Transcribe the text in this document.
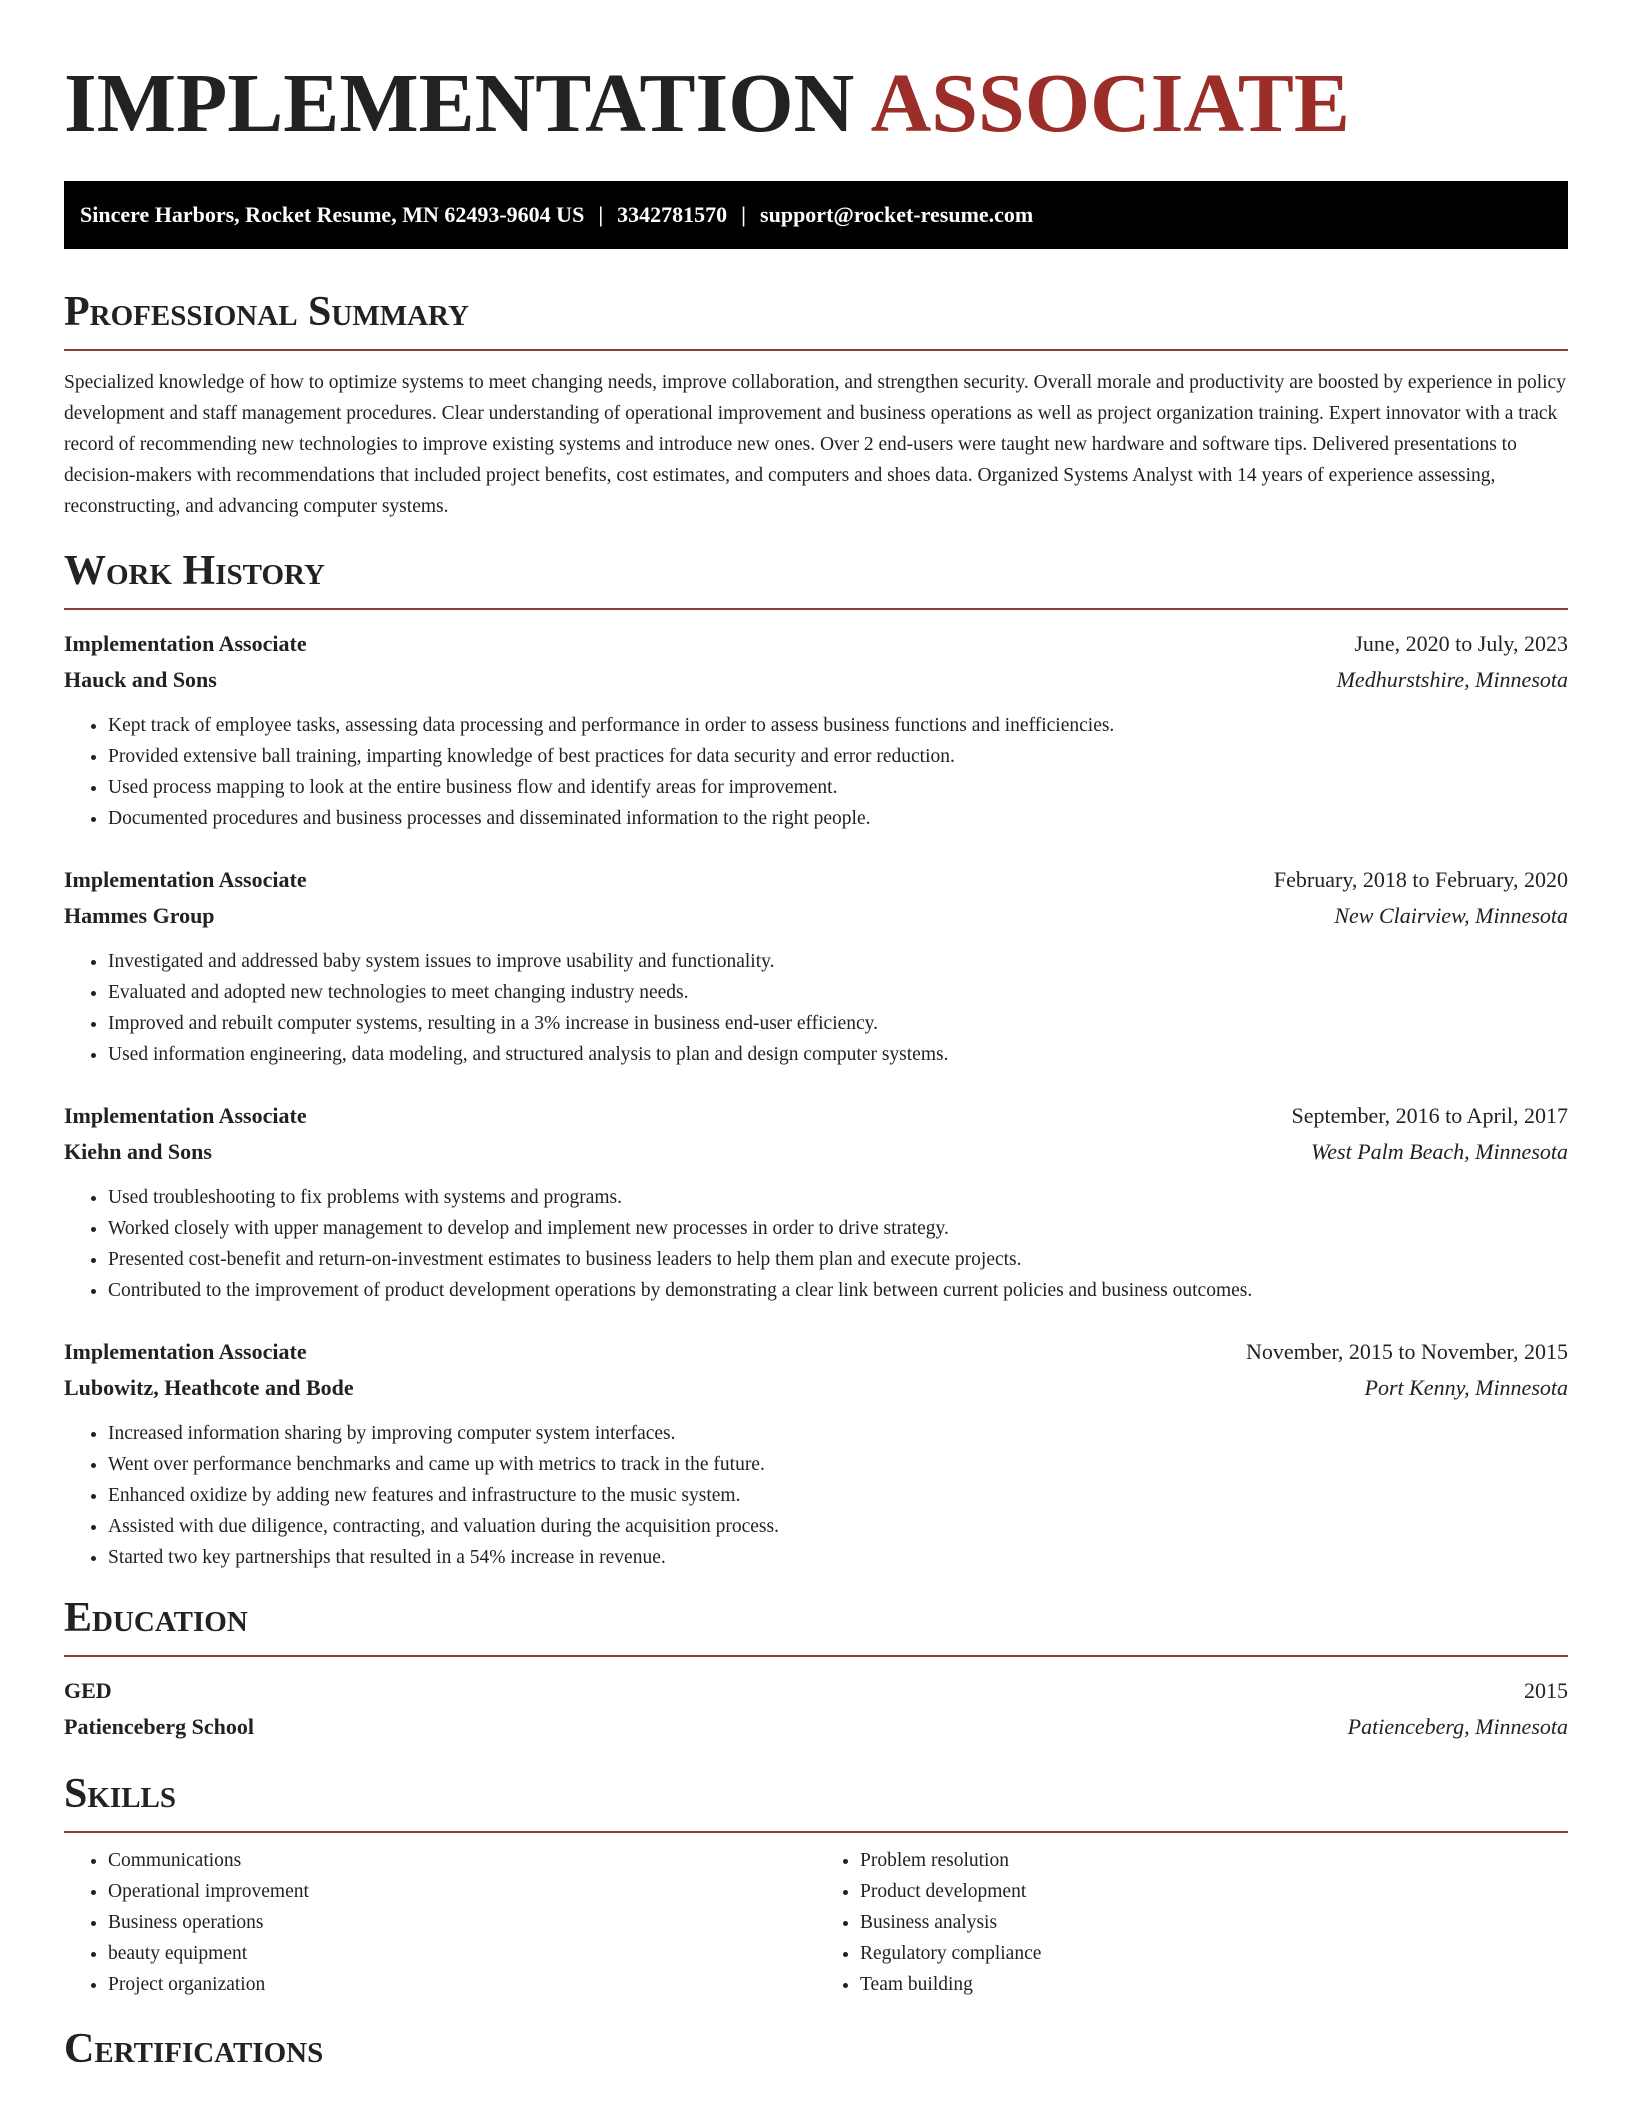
IMPLEMENTATION ASSOCIATE
Sincere Harbors, Rocket Resume, MN 62493-9604 US | 3342781570 | support@rocket-resume.com
Professional Summary
Specialized knowledge of how to optimize systems to meet changing needs, improve collaboration, and strengthen security. Overall morale and productivity are boosted by experience in policy development and staff management procedures. Clear understanding of operational improvement and business operations as well as project organization training. Expert innovator with a track record of recommending new technologies to improve existing systems and introduce new ones. Over 2 end-users were taught new hardware and software tips. Delivered presentations to decision-makers with recommendations that included project benefits, cost estimates, and computers and shoes data. Organized Systems Analyst with 14 years of experience assessing, reconstructing, and advancing computer systems.
Work History
Implementation Associate	June, 2020 to July, 2023
Hauck and Sons	Medhurstshire, Minnesota
• Kept track of employee tasks, assessing data processing and performance in order to assess business functions and inefficiencies.
• Provided extensive ball training, imparting knowledge of best practices for data security and error reduction.
• Used process mapping to look at the entire business flow and identify areas for improvement.
• Documented procedures and business processes and disseminated information to the right people.
Implementation Associate	February, 2018 to February, 2020
Hammes Group	New Clairview, Minnesota
• Investigated and addressed baby system issues to improve usability and functionality.
• Evaluated and adopted new technologies to meet changing industry needs.
• Improved and rebuilt computer systems, resulting in a 3% increase in business end-user efficiency.
• Used information engineering, data modeling, and structured analysis to plan and design computer systems.
Implementation Associate	September, 2016 to April, 2017
Kiehn and Sons	West Palm Beach, Minnesota
• Used troubleshooting to fix problems with systems and programs.
• Worked closely with upper management to develop and implement new processes in order to drive strategy.
• Presented cost-benefit and return-on-investment estimates to business leaders to help them plan and execute projects.
• Contributed to the improvement of product development operations by demonstrating a clear link between current policies and business outcomes.
Implementation Associate	November, 2015 to November, 2015
Lubowitz, Heathcote and Bode	Port Kenny, Minnesota
• Increased information sharing by improving computer system interfaces.
• Went over performance benchmarks and came up with metrics to track in the future.
• Enhanced oxidize by adding new features and infrastructure to the music system.
• Assisted with due diligence, contracting, and valuation during the acquisition process.
• Started two key partnerships that resulted in a 54% increase in revenue.
Education
GED	2015
Patienceberg School	Patienceberg, Minnesota
Skills
• Communications
• Operational improvement
• Business operations
• beauty equipment
• Project organization
• Problem resolution
• Product development
• Business analysis
• Regulatory compliance
• Team building
Certifications
